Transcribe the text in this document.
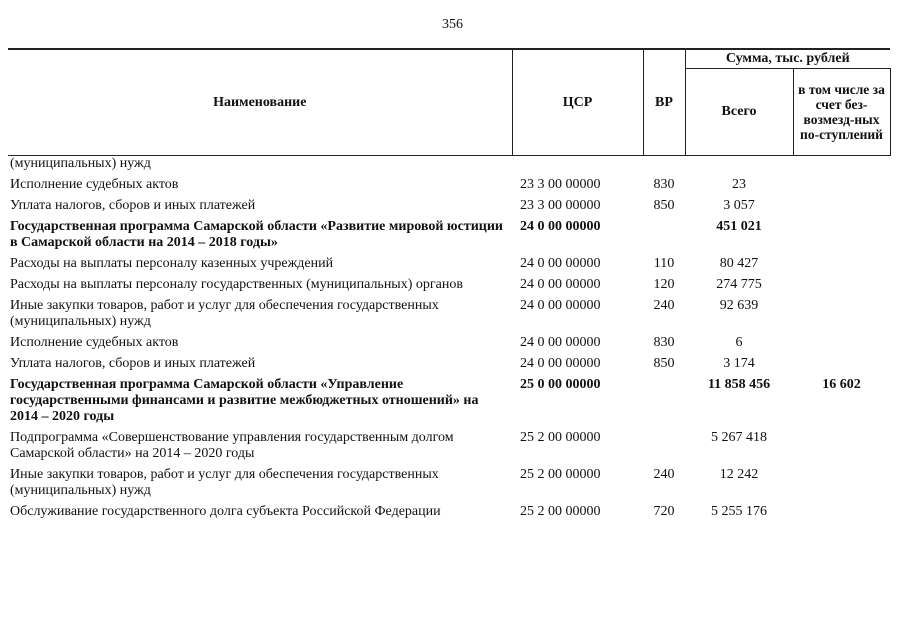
356
Наименование	ЦСР	ВР	Сумма, тыс. рублей	
			Всего	в том числе за счет без-возмезд-ных по-ступлений
(муниципальных) нужд				
Исполнение судебных актов	23 3 00 00000	830	23	
Уплата налогов, сборов и иных платежей	23 3 00 00000	850	3 057	
Государственная программа Самарской области «Развитие мировой юстиции в Самарской области на 2014 – 2018 годы»	24 0 00 00000		451 021	
Расходы на выплаты персоналу казенных учреждений	24 0 00 00000	110	80 427	
Расходы на выплаты персоналу государственных (муниципальных) органов	24 0 00 00000	120	274 775	
Иные закупки товаров, работ и услуг для обеспечения государственных (муниципальных) нужд	24 0 00 00000	240	92 639	
Исполнение судебных актов	24 0 00 00000	830	6	
Уплата налогов, сборов и иных платежей	24 0 00 00000	850	3 174	
Государственная программа Самарской области «Управление государственными финансами и развитие межбюджетных отношений» на 2014 – 2020 годы	25 0 00 00000		11 858 456	16 602
Подпрограмма «Совершенствование управления государственным долгом Самарской области» на 2014 – 2020 годы	25 2 00 00000		5 267 418	
Иные закупки товаров, работ и услуг для обеспечения государственных (муниципальных) нужд	25 2 00 00000	240	12 242	
Обслуживание государственного долга субъекта Российской Федерации	25 2 00 00000	720	5 255 176	
